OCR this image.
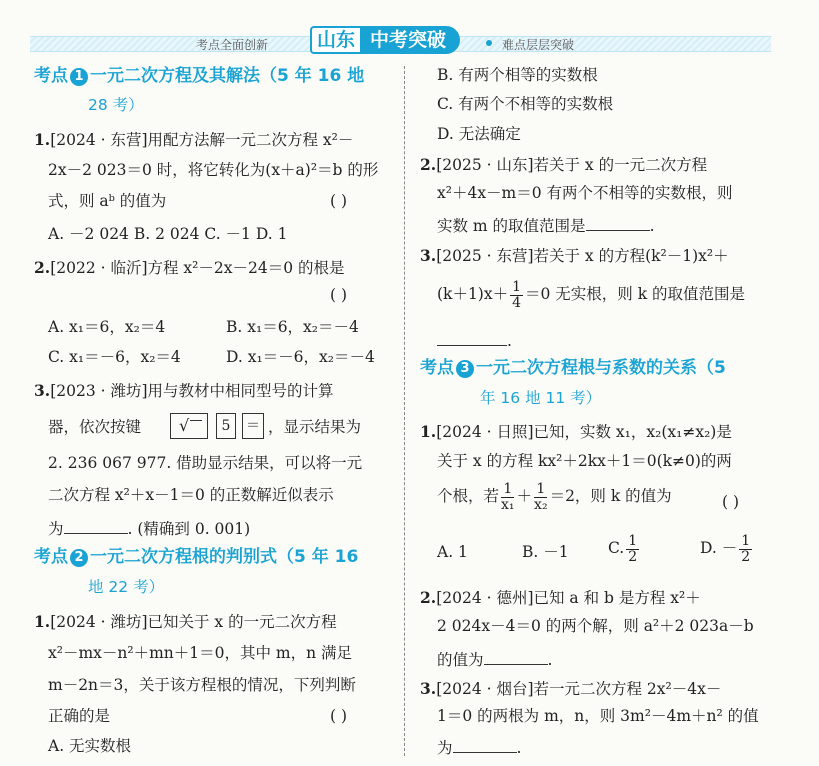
考点全面创新	山东 中考突破	难点层层突破
考点 1 一元二次方程及其解法（5 年 16 地
28 考）
1.[2024 · 东营]用配方法解一元二次方程 x²－
2x－2 023＝0 时，将它转化为(x＋a)²＝b 的形
式，则 aᵇ 的值为	( )
A. －2 024 B. 2 024 C. －1 D. 1
2.[2022 · 临沂]方程 x²－2x－24＝0 的根是
( )
A. x₁＝6，x₂＝4	B. x₁＝6，x₂＝－4
C. x₁＝－6，x₂＝4	D. x₁＝－6，x₂＝－4
3.[2023 · 潍坊]用与教材中相同型号的计算
器，依次按键 √	5	＝ ，显示结果为
2. 236 067 977. 借助显示结果，可以将一元
二次方程 x²＋x－1＝0 的正数解近似表示
为	. (精确到 0. 001)
考点 2 一元二次方程根的判别式（5 年 16
地 22 考）
1.[2024 · 潍坊]已知关于 x 的一元二次方程
x²－mx－n²＋mn＋1＝0，其中 m，n 满足
m－2n＝3，关于该方程根的情况，下列判断
正确的是	( )
A. 无实数根
B. 有两个相等的实数根
C. 有两个不相等的实数根
D. 无法确定
2.[2025 · 山东]若关于 x 的一元二次方程
x²＋4x－m＝0 有两个不相等的实数根，则
实数 m 的取值范围是	.
3.[2025 · 东营]若关于 x 的方程(k²－1)x²＋
$(k+1)x+ \frac{1}{4} =0$ 无实根，则 k 的取值范围是
.
考点 3 一元二次方程根与系数的关系（5
年 16 地 11 考）
1.[2024 · 日照]已知，实数 x₁，x₂(x₁≠x₂)是
关于 x 的方程 kx²＋2kx＋1＝0(k≠0)的两
个根，若 $\frac{1}{\text{x₁}} + \frac{1}{\text{x₂}} =2$，则 k 的值为	( )
A. 1	B. －1	C. $\frac{1}{2}$	D. － $\frac{1}{2}$
2.[2024 · 德州]已知 a 和 b 是方程 x²＋
2 024x－4＝0 的两个解，则 a²＋2 023a－b
的值为	.
3.[2024 · 烟台]若一元二次方程 2x²－4x－
1＝0 的两根为 m，n，则 3m²－4m＋n² 的值
为	.
